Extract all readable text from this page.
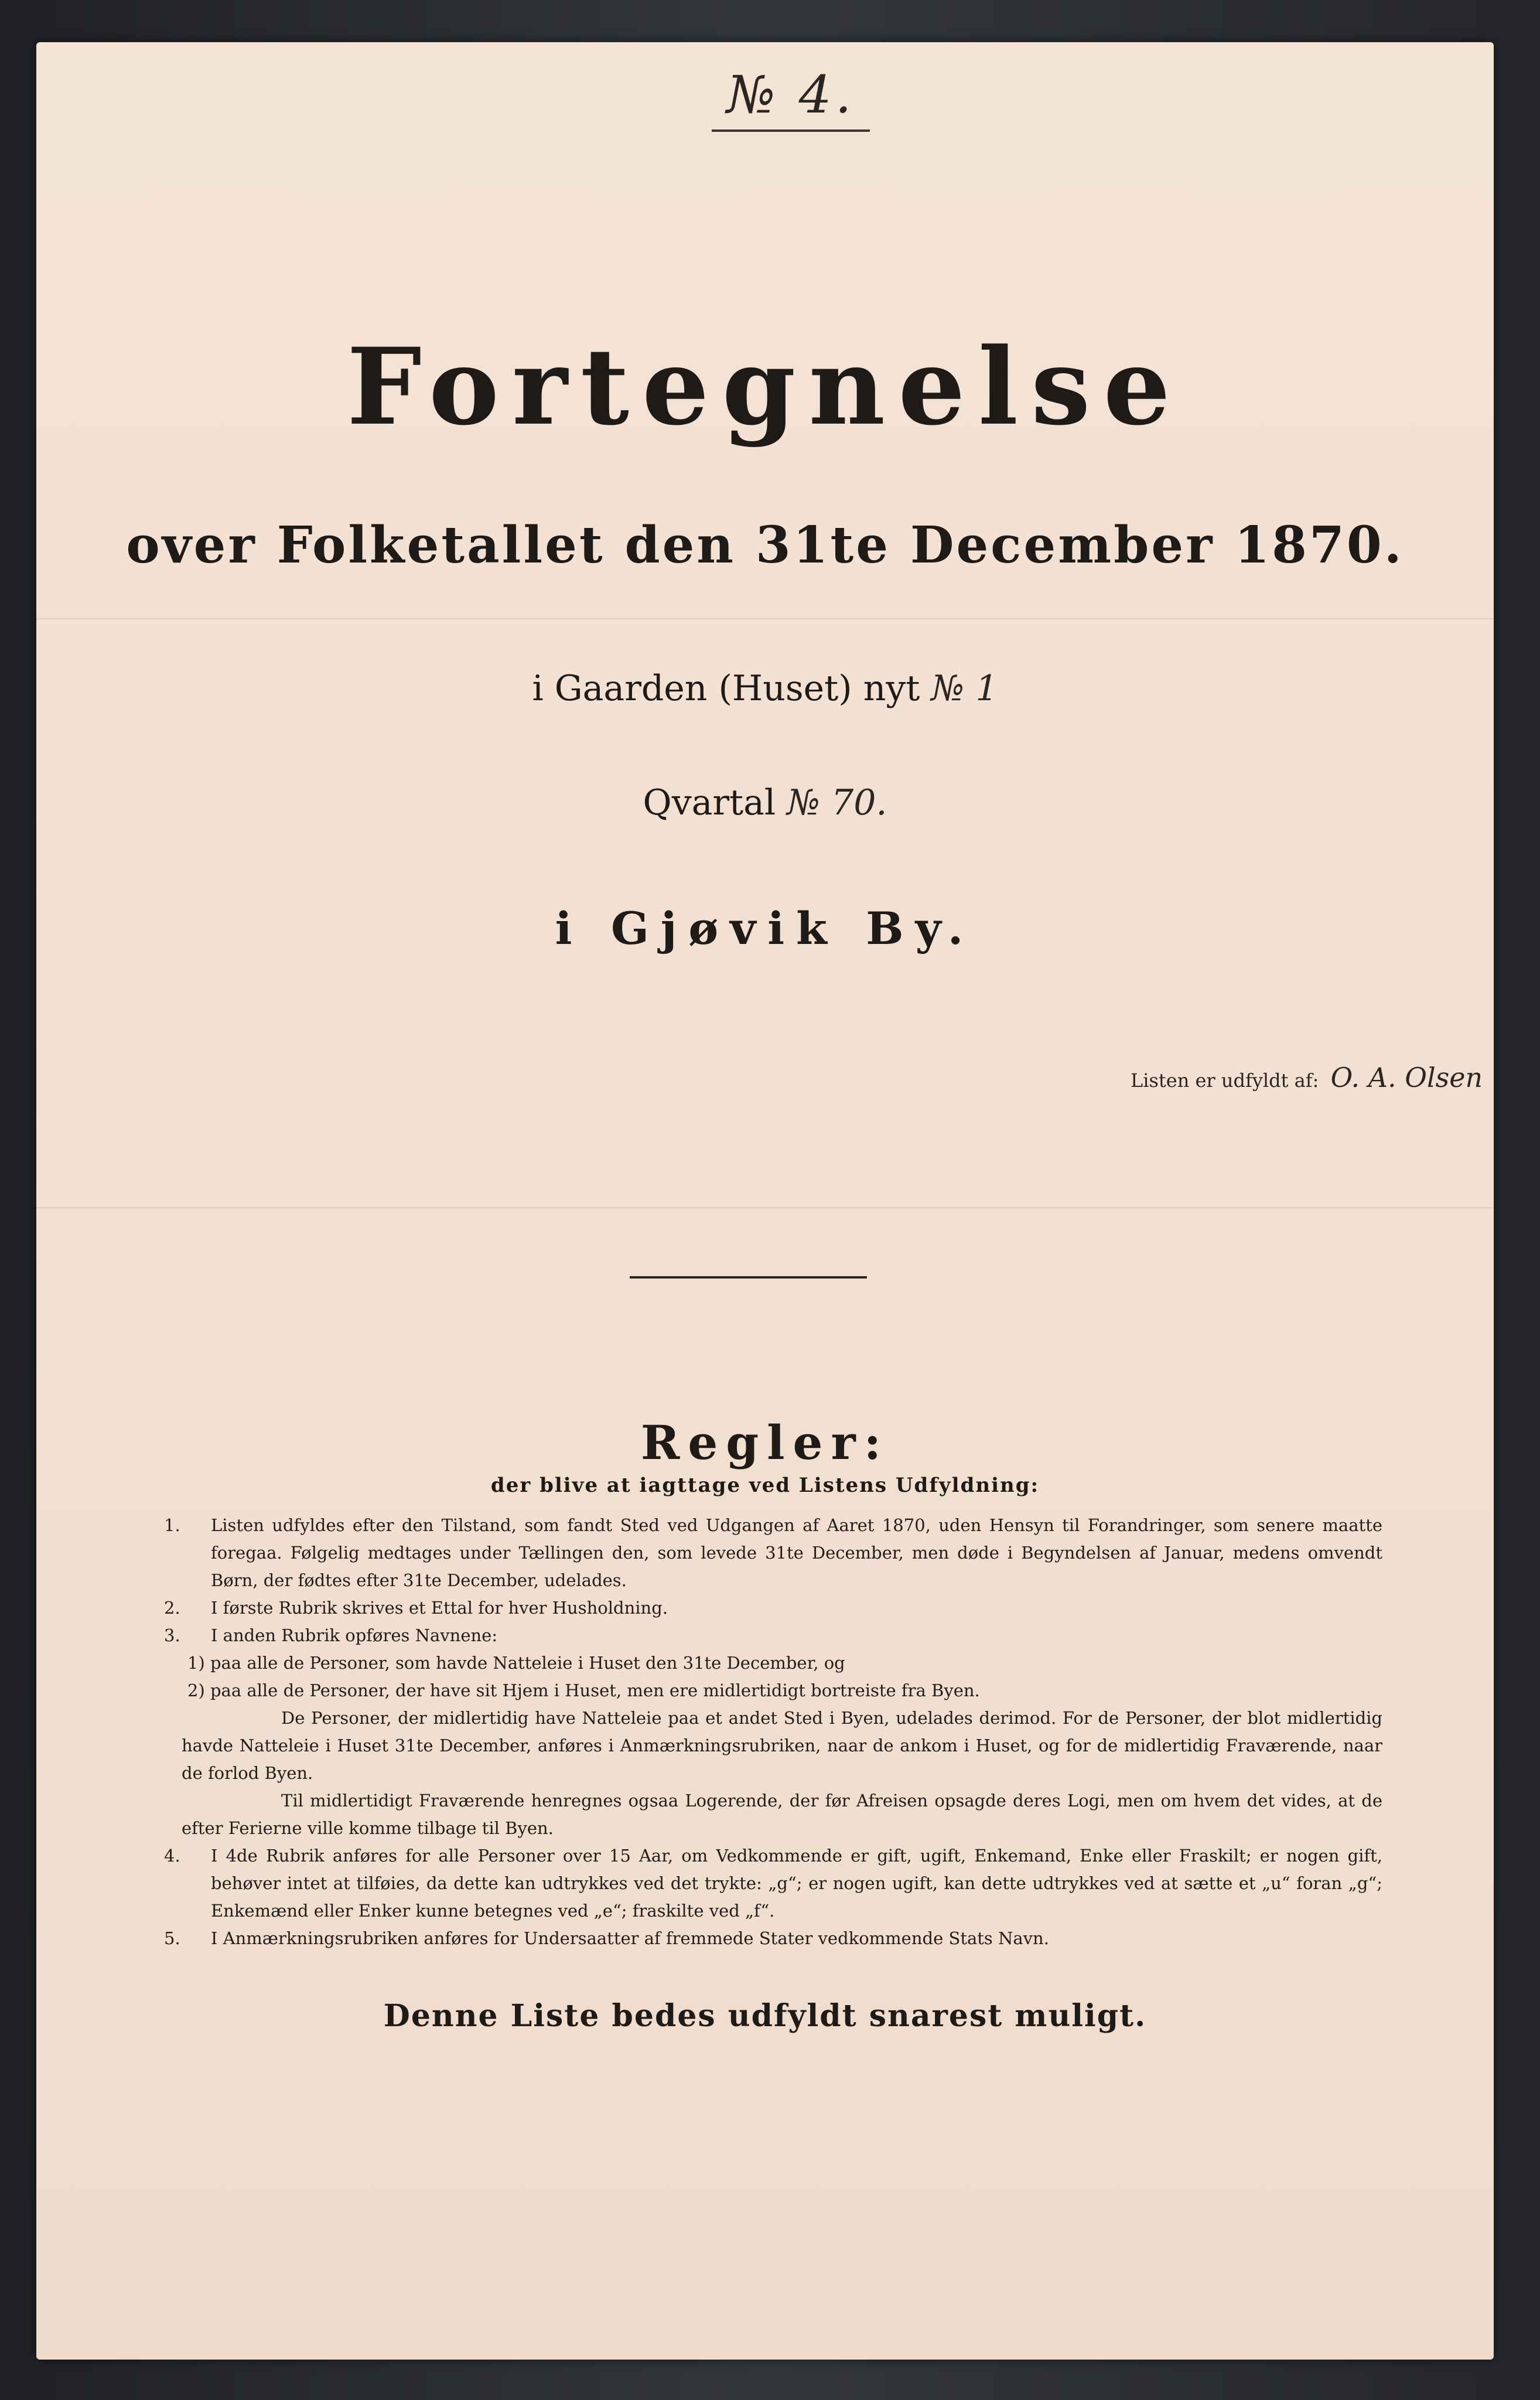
№ 4.
Fortegnelse
over Folketallet den 31te December 1870.
i Gaarden (Huset) nyt № 1
Qvartal № 70.
i Gjøvik By.
Listen er udfyldt af: O. A. Olsen
Regler:
der blive at iagttage ved Listens Udfyldning:
1. Listen udfyldes efter den Tilstand, som fandt Sted ved Udgangen af Aaret 1870, uden Hensyn til Forandringer, som senere maatte foregaa. Følgelig medtages under Tællingen den, som levede 31te December, men døde i Begyndelsen af Januar, medens omvendt Børn, der fødtes efter 31te December, udelades.
2. I første Rubrik skrives et Ettal for hver Husholdning.
3. I anden Rubrik opføres Navnene:
1) paa alle de Personer, som havde Natteleie i Huset den 31te December, og
2) paa alle de Personer, der have sit Hjem i Huset, men ere midlertidigt bortreiste fra Byen.
De Personer, der midlertidig have Natteleie paa et andet Sted i Byen, udelades derimod. For de Personer, der blot midlertidig havde Natteleie i Huset 31te December, anføres i Anmærkningsrubriken, naar de ankom i Huset, og for de midlertidig Fraværende, naar de forlod Byen.
Til midlertidigt Fraværende henregnes ogsaa Logerende, der før Afreisen opsagde deres Logi, men om hvem det vides, at de efter Ferierne ville komme tilbage til Byen.
4. I 4de Rubrik anføres for alle Personer over 15 Aar, om Vedkommende er gift, ugift, Enkemand, Enke eller Fraskilt; er nogen gift, behøver intet at tilføies, da dette kan udtrykkes ved det trykte: „g“; er nogen ugift, kan dette udtrykkes ved at sætte et „u“ foran „g“; Enkemænd eller Enker kunne betegnes ved „e“; fraskilte ved „f“.
5. I Anmærkningsrubriken anføres for Undersaatter af fremmede Stater vedkommende Stats Navn.
Denne Liste bedes udfyldt snarest muligt.
